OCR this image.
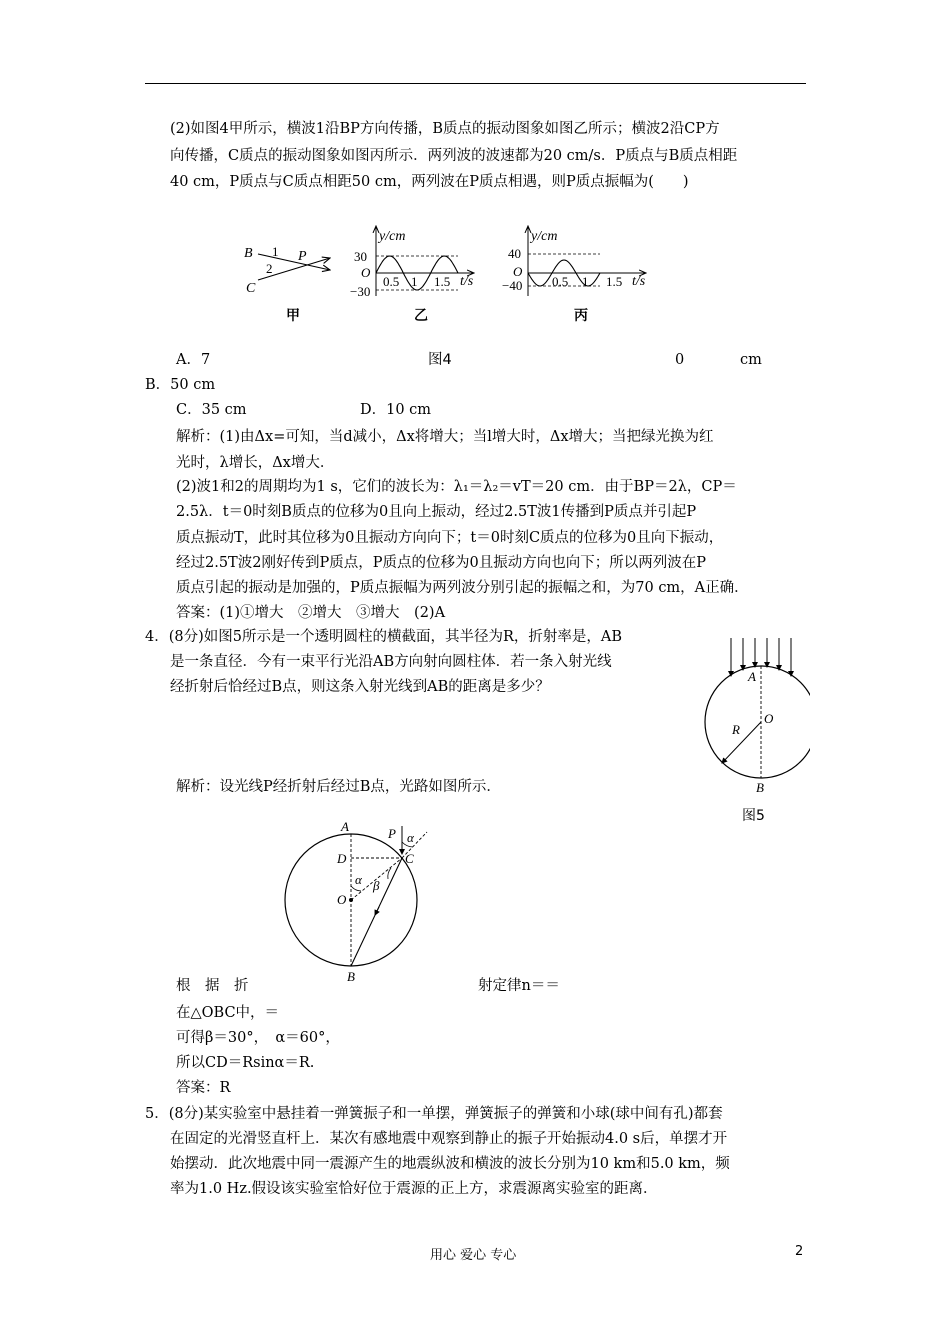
(2)如图4甲所示，横波1沿BP方向传播，B质点的振动图象如图乙所示；横波2沿CP方
向传播，C质点的振动图象如图丙所示．两列波的波速都为20 cm/s．P质点与B质点相距
40 cm，P质点与C质点相距50 cm，两列波在P质点相遇，则P质点振幅为(　　)
B
C
P
1
2
甲
y/cm
30
O
−30
0.5 1 1.5 t/s
乙
y/cm
40
O
−40 0.5 1 1.5 t/s
丙
A．7	图4	0	cm
B．50 cm
C．35 cm	D．10 cm
解析：(1)由Δx=可知，当d减小，Δx将增大；当l增大时，Δx增大；当把绿光换为红
光时，λ增长，Δx增大．
(2)波1和2的周期均为1 s，它们的波长为：λ₁＝λ₂＝vT＝20 cm．由于BP＝2λ，CP＝
2.5λ．t＝0时刻B质点的位移为0且向上振动，经过2.5T波1传播到P质点并引起P
质点振动T，此时其位移为0且振动方向向下；t＝0时刻C质点的位移为0且向下振动，
经过2.5T波2刚好传到P质点，P质点的位移为0且振动方向也向下；所以两列波在P
质点引起的振动是加强的，P质点振幅为两列波分别引起的振幅之和，为70 cm，A正确．
答案：(1)①增大　②增大　③增大　(2)A
4．(8分)如图5所示是一个透明圆柱的横截面，其半径为R，折射率是，AB
是一条直径．今有一束平行光沿AB方向射向圆柱体．若一条入射光线
经折射后恰经过B点，则这条入射光线到AB的距离是多少？
A
O
R
B
图5
解析：设光线P经折射后经过B点，光路如图所示．
A
D
P
C
O
B
α
α β
根　据　折	射定律n＝＝
在△OBC中，＝
可得β＝30°，　α＝60°，
所以CD＝Rsinα＝R.
答案：R
5．(8分)某实验室中悬挂着一弹簧振子和一单摆，弹簧振子的弹簧和小球(球中间有孔)都套
在固定的光滑竖直杆上．某次有感地震中观察到静止的振子开始振动4.0 s后，单摆才开
始摆动．此次地震中同一震源产生的地震纵波和横波的波长分别为10 km和5.0 km，频
率为1.0 Hz.假设该实验室恰好位于震源的正上方，求震源离实验室的距离．
用心 爱心 专心	2
